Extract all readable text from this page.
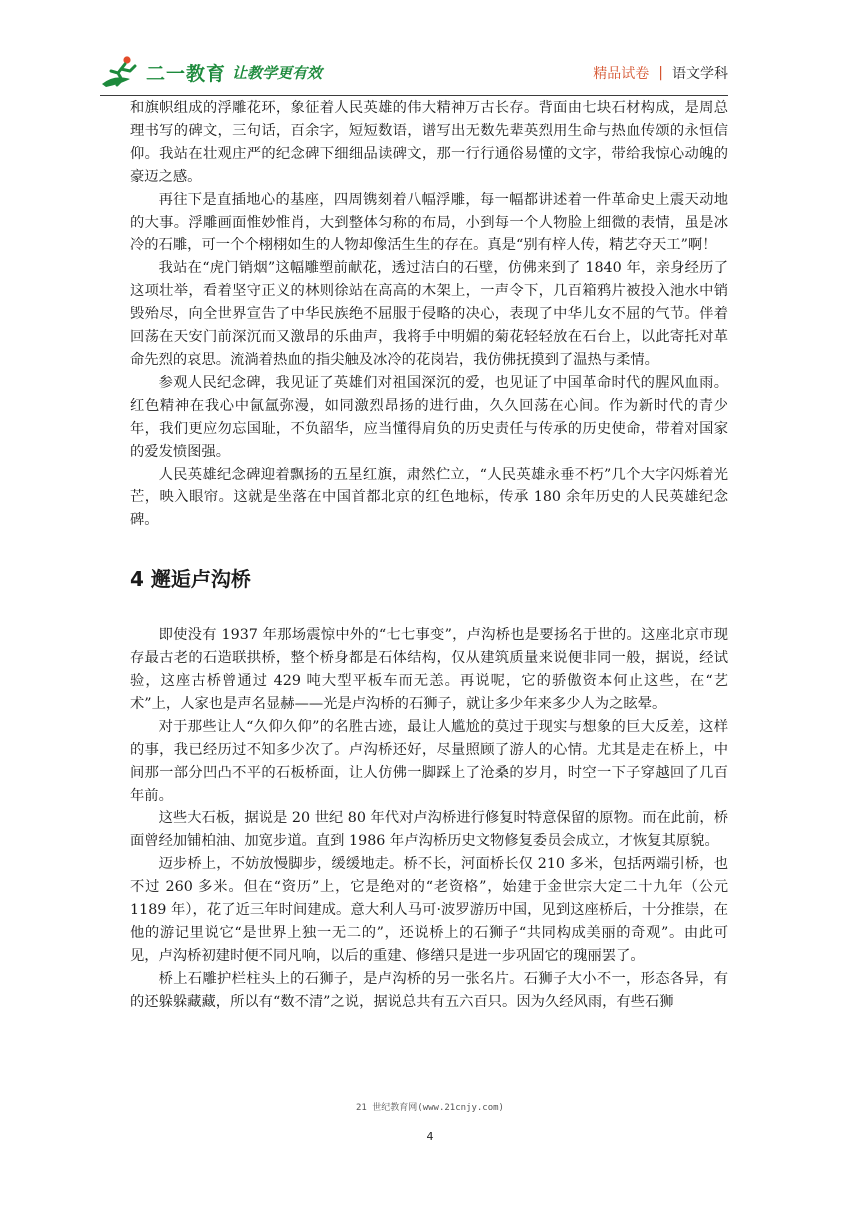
二一教育 让教学更有效	精品试卷 | 语文学科

和旗帜组成的浮雕花环，象征着人民英雄的伟大精神万古长存。背面由七块石材构成，是周总理书写的碑文，三句话，百余字，短短数语，谱写出无数先辈英烈用生命与热血传颂的永恒信仰。我站在壮观庄严的纪念碑下细细品读碑文，那一行行通俗易懂的文字，带给我惊心动魄的豪迈之感。

再往下是直插地心的基座，四周镌刻着八幅浮雕，每一幅都讲述着一件革命史上震天动地的大事。浮雕画面惟妙惟肖，大到整体匀称的布局，小到每一个人物脸上细微的表情，虽是冰冷的石雕，可一个个栩栩如生的人物却像活生生的存在。真是“别有梓人传，精艺夺天工”啊！

我站在“虎门销烟”这幅雕塑前献花，透过洁白的石壁，仿佛来到了 1840 年，亲身经历了这项壮举，看着坚守正义的林则徐站在高高的木架上，一声令下，几百箱鸦片被投入池水中销毁殆尽，向全世界宣告了中华民族绝不屈服于侵略的决心，表现了中华儿女不屈的气节。伴着回荡在天安门前深沉而又激昂的乐曲声，我将手中明媚的菊花轻轻放在石台上，以此寄托对革命先烈的哀思。流淌着热血的指尖触及冰冷的花岗岩，我仿佛抚摸到了温热与柔情。

参观人民纪念碑，我见证了英雄们对祖国深沉的爱，也见证了中国革命时代的腥风血雨。红色精神在我心中氤氲弥漫，如同激烈昂扬的进行曲，久久回荡在心间。作为新时代的青少年，我们更应勿忘国耻，不负韶华，应当懂得肩负的历史责任与传承的历史使命，带着对国家的爱发愤图强。

人民英雄纪念碑迎着飘扬的五星红旗，肃然伫立，“人民英雄永垂不朽”几个大字闪烁着光芒，映入眼帘。这就是坐落在中国首都北京的红色地标，传承 180 余年历史的人民英雄纪念碑。

4 邂逅卢沟桥

即使没有 1937 年那场震惊中外的“七七事变”，卢沟桥也是要扬名于世的。这座北京市现存最古老的石造联拱桥，整个桥身都是石体结构，仅从建筑质量来说便非同一般，据说，经试验，这座古桥曾通过 429 吨大型平板车而无恙。再说呢，它的骄傲资本何止这些，在“艺术”上，人家也是声名显赫——光是卢沟桥的石狮子，就让多少年来多少人为之眩晕。

对于那些让人“久仰久仰”的名胜古迹，最让人尴尬的莫过于现实与想象的巨大反差，这样的事，我已经历过不知多少次了。卢沟桥还好，尽量照顾了游人的心情。尤其是走在桥上，中间那一部分凹凸不平的石板桥面，让人仿佛一脚踩上了沧桑的岁月，时空一下子穿越回了几百年前。

这些大石板，据说是 20 世纪 80 年代对卢沟桥进行修复时特意保留的原物。而在此前，桥面曾经加铺柏油、加宽步道。直到 1986 年卢沟桥历史文物修复委员会成立，才恢复其原貌。

迈步桥上，不妨放慢脚步，缓缓地走。桥不长，河面桥长仅 210 多米，包括两端引桥，也不过 260 多米。但在“资历”上，它是绝对的“老资格”，始建于金世宗大定二十九年（公元 1189 年），花了近三年时间建成。意大利人马可·波罗游历中国，见到这座桥后，十分推崇，在他的游记里说它“是世界上独一无二的”，还说桥上的石狮子“共同构成美丽的奇观”。由此可见，卢沟桥初建时便不同凡响，以后的重建、修缮只是进一步巩固它的瑰丽罢了。

桥上石雕护栏柱头上的石狮子，是卢沟桥的另一张名片。石狮子大小不一，形态各异，有的还躲躲藏藏，所以有“数不清”之说，据说总共有五六百只。因为久经风雨，有些石狮

21 世纪教育网(www.21cnjy.com)
4
